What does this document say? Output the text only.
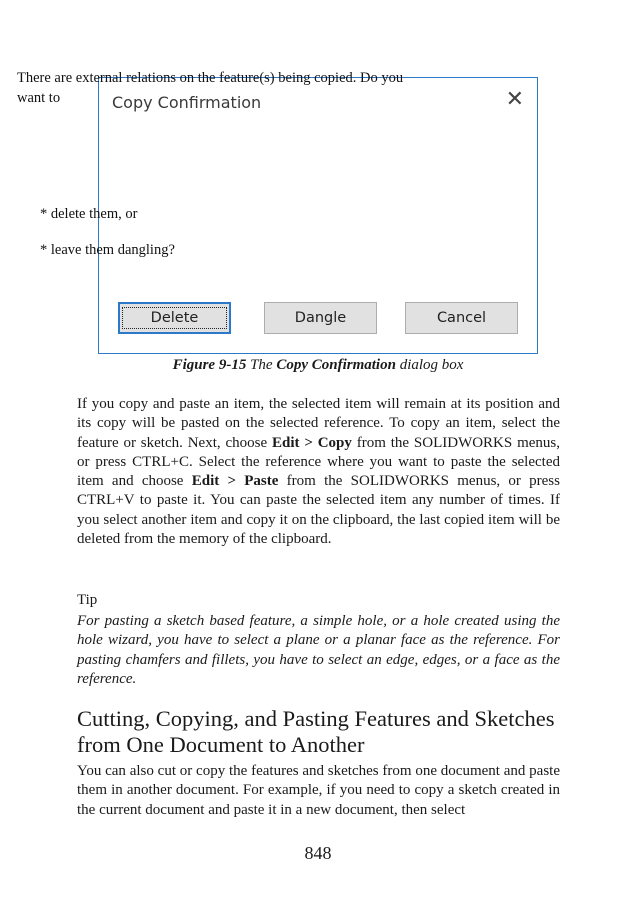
Copy Confirmation	✕
There are external relations on the feature(s) being copied. Do you want to
* delete them, or
* leave them dangling?
Delete	Dangle	Cancel
Figure 9-15 The Copy Confirmation dialog box
If you copy and paste an item, the selected item will remain at its position and its copy will be pasted on the selected reference. To copy an item, select the feature or sketch. Next, choose Edit > Copy from the SOLIDWORKS menus, or press CTRL+C. Select the reference where you want to paste the selected item and choose Edit > Paste from the SOLIDWORKS menus, or press CTRL+V to paste it. You can paste the selected item any number of times. If you select another item and copy it on the clipboard, the last copied item will be deleted from the memory of the clipboard.
Tip
For pasting a sketch based feature, a simple hole, or a hole created using the hole wizard, you have to select a plane or a planar face as the reference. For pasting chamfers and fillets, you have to select an edge, edges, or a face as the reference.
Cutting, Copying, and Pasting Features and Sketches from One Document to Another
You can also cut or copy the features and sketches from one document and paste them in another document. For example, if you need to copy a sketch created in the current document and paste it in a new document, then select
848
